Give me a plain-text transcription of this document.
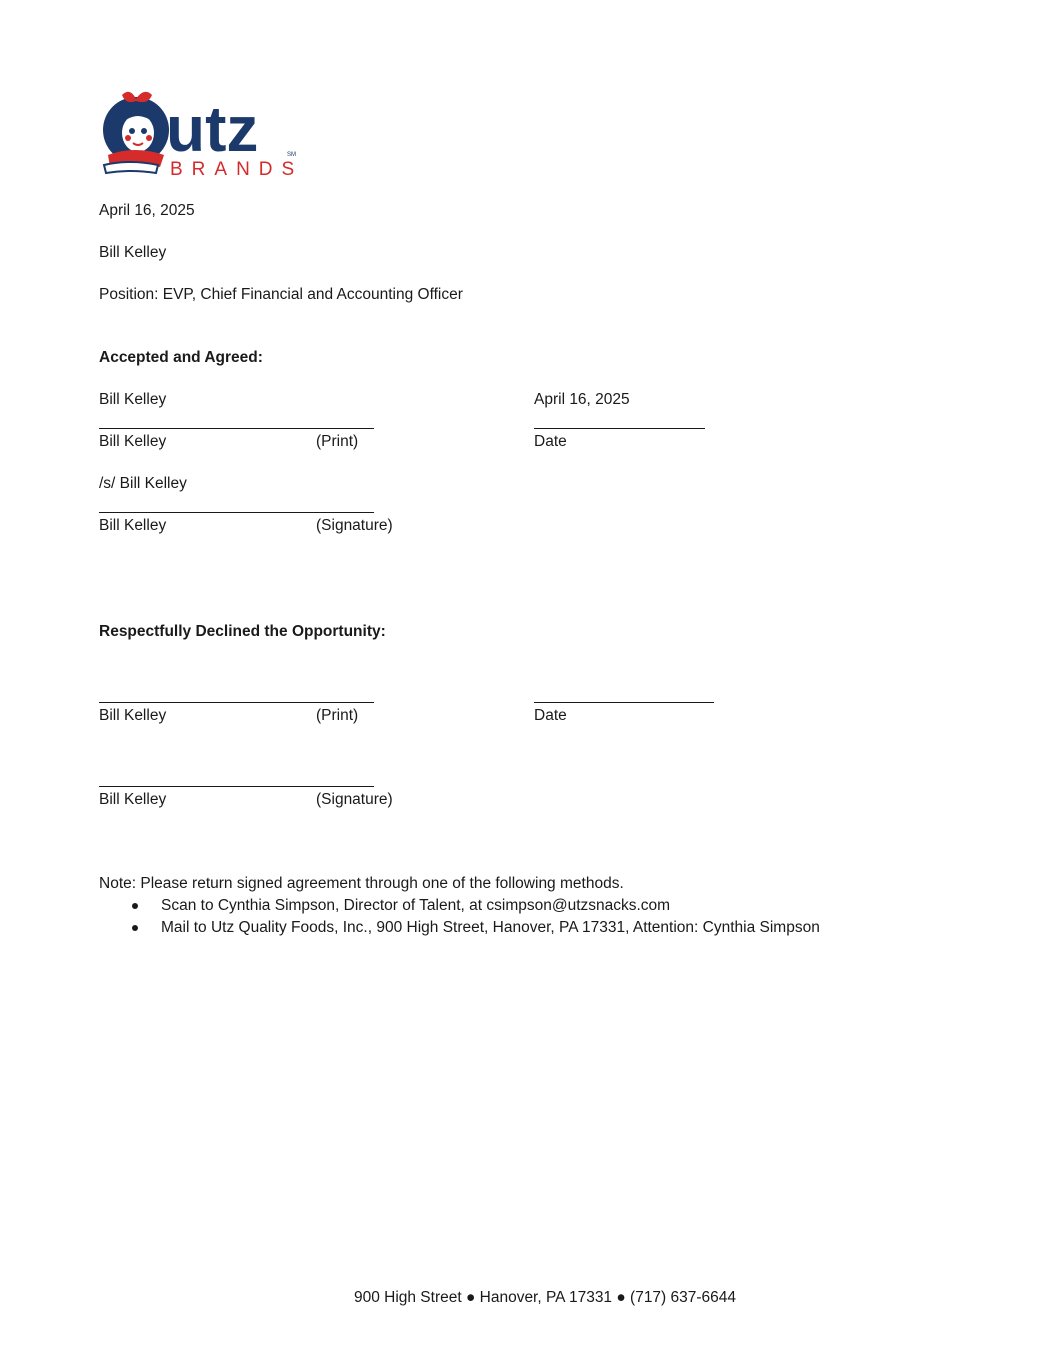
utz
BRANDS
SM
April 16, 2025
Bill Kelley
Position: EVP, Chief Financial and Accounting Officer
Accepted and Agreed:
Bill Kelley	April 16, 2025
Bill Kelley	(Print)	Date
/s/ Bill Kelley
Bill Kelley	(Signature)
Respectfully Declined the Opportunity:
Bill Kelley	(Print)	Date
Bill Kelley	(Signature)
Note: Please return signed agreement through one of the following methods.
Scan to Cynthia Simpson, Director of Talent, at csimpson@utzsnacks.com
Mail to Utz Quality Foods, Inc., 900 High Street, Hanover, PA 17331, Attention: Cynthia Simpson
900 High Street ● Hanover, PA 17331 ● (717) 637-6644
